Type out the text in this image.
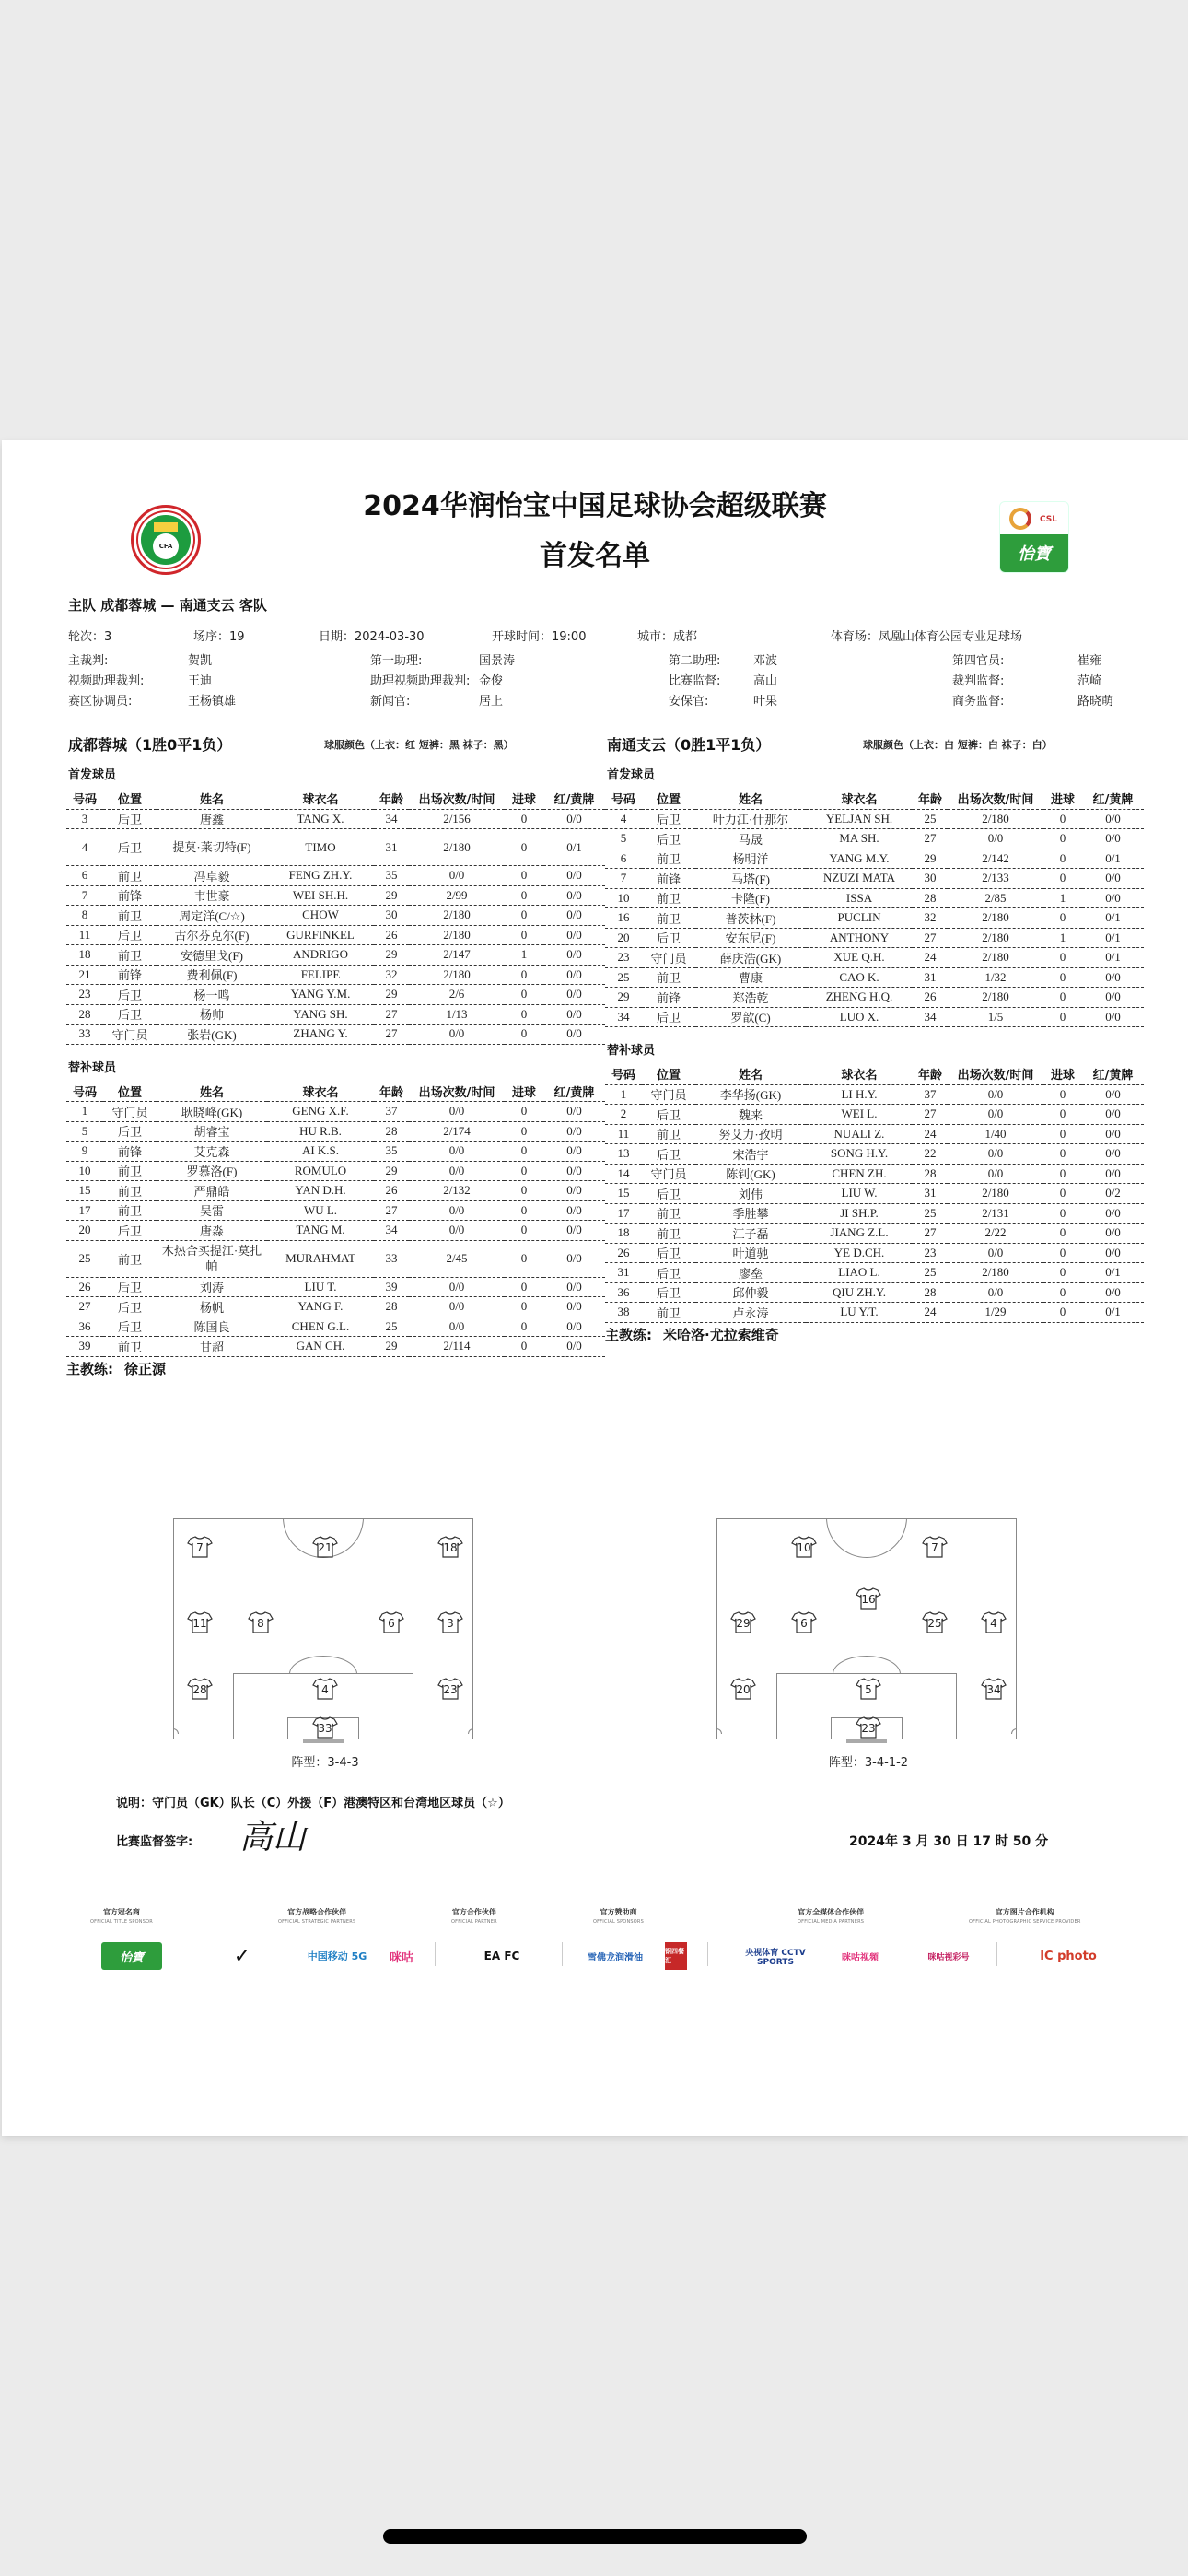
CFA
CSL
怡寶
2024华润怡宝中国足球协会超级联赛
首发名单
主队 成都蓉城 — 南通支云 客队
轮次：3	场序：19	日期：2024-03-30	开球时间：19:00	城市：成都	体育场：凤凰山体育公园专业足球场
主裁判:	贺凯	第一助理:	国景涛	第二助理:	邓波	第四官员:	崔雍
视频助理裁判:	王迪	助理视频助理裁判: 金俊	比赛监督:	高山	裁判监督:	范崎
赛区协调员:	王杨镇雄	新闻官:	居上	安保官:	叶果	商务监督:	路晓萌
成都蓉城（1胜0平1负）	球服颜色（上衣：红 短裤：黑 袜子：黑）
首发球员
号码	位置	姓名	球衣名	年龄	出场次数/时间	进球	红/黄牌
3	后卫	唐鑫	TANG X.	34	2/156	0	0/0
4	后卫	提莫·莱切特(F)	TIMO	31	2/180	0	0/1
6	前卫	冯卓毅	FENG ZH.Y.	35	0/0	0	0/0
7	前锋	韦世豪	WEI SH.H.	29	2/99	0	0/0
8	前卫	周定洋(C/☆)	CHOW	30	2/180	0	0/0
11	后卫	古尔芬克尔(F)	GURFINKEL	26	2/180	0	0/0
18	前卫	安德里戈(F)	ANDRIGO	29	2/147	1	0/0
21	前锋	费利佩(F)	FELIPE	32	2/180	0	0/0
23	后卫	杨一鸣	YANG Y.M.	29	2/6	0	0/0
28	后卫	杨帅	YANG SH.	27	1/13	0	0/0
33	守门员	张岩(GK)	ZHANG Y.	27	0/0	0	0/0
替补球员
号码	位置	姓名	球衣名	年龄	出场次数/时间	进球	红/黄牌
1	守门员	耿晓峰(GK)	GENG X.F.	37	0/0	0	0/0
5	后卫	胡睿宝	HU R.B.	28	2/174	0	0/0
9	前锋	艾克森	AI K.S.	35	0/0	0	0/0
10	前卫	罗慕洛(F)	ROMULO	29	0/0	0	0/0
15	前卫	严鼎皓	YAN D.H.	26	2/132	0	0/0
17	前卫	吴雷	WU L.	27	0/0	0	0/0
20	后卫	唐淼	TANG M.	34	0/0	0	0/0
25	前卫	木热合买提江·莫扎帕	MURAHMAT	33	2/45	0	0/0
26	后卫	刘涛	LIU T.	39	0/0	0	0/0
27	后卫	杨帆	YANG F.	28	0/0	0	0/0
36	后卫	陈国良	CHEN G.L.	25	0/0	0	0/0
39	前卫	甘超	GAN CH.	29	2/114	0	0/0
主教练: 徐正源
南通支云（0胜1平1负）	球服颜色（上衣：白 短裤：白 袜子：白）
首发球员
号码	位置	姓名	球衣名	年龄	出场次数/时间	进球	红/黄牌
4	后卫	叶力江·什那尔	YELJAN SH.	25	2/180	0	0/0
5	后卫	马晟	MA SH.	27	0/0	0	0/0
6	前卫	杨明洋	YANG M.Y.	29	2/142	0	0/1
7	前锋	马塔(F)	NZUZI MATA	30	2/133	0	0/0
10	前卫	卡隆(F)	ISSA	28	2/85	1	0/0
16	前卫	普茨林(F)	PUCLIN	32	2/180	0	0/1
20	后卫	安东尼(F)	ANTHONY	27	2/180	1	0/1
23	守门员	薛庆浩(GK)	XUE Q.H.	24	2/180	0	0/1
25	前卫	曹康	CAO K.	31	1/32	0	0/0
29	前锋	郑浩乾	ZHENG H.Q.	26	2/180	0	0/0
34	后卫	罗歆(C)	LUO X.	34	1/5	0	0/0
替补球员
号码	位置	姓名	球衣名	年龄	出场次数/时间	进球	红/黄牌
1	守门员	李华扬(GK)	LI H.Y.	37	0/0	0	0/0
2	后卫	魏来	WEI L.	27	0/0	0	0/0
11	前卫	努艾力·孜明	NUALI Z.	24	1/40	0	0/0
13	后卫	宋浩宇	SONG H.Y.	22	0/0	0	0/0
14	守门员	陈钊(GK)	CHEN ZH.	28	0/0	0	0/0
15	后卫	刘伟	LIU W.	31	2/180	0	0/2
17	前卫	季胜攀	JI SH.P.	25	2/131	0	0/0
18	前卫	江子磊	JIANG Z.L.	27	2/22	0	0/0
26	后卫	叶道驰	YE D.CH.	23	0/0	0	0/0
31	后卫	廖垒	LIAO L.	25	2/180	0	0/1
36	后卫	邱仲毅	QIU ZH.Y.	28	0/0	0	0/0
38	前卫	卢永涛	LU Y.T.	24	1/29	0	0/1
主教练: 米哈洛·尤拉索维奇
7	21	18
11	8	6	3
28	4	23
33
阵型：3-4-3
10	7
16
29	6	25	4
20	5	34
23
阵型：3-4-1-2
说明：守门员（GK）队长（C）外援（F）港澳特区和台湾地区球员（☆）
比赛监督签字: 高山	2024年 3 月 30 日 17 时 50 分
官方冠名商
OFFICIAL TITLE SPONSOR
官方战略合作伙伴
OFFICIAL STRATEGIC PARTNERS
官方合作伙伴
OFFICIAL PARTNER
官方赞助商
OFFICIAL SPONSORS
官方全媒体合作伙伴
OFFICIAL MEDIA PARTNERS
官方图片合作机构
OFFICIAL PHOTOGRAPHIC SERVICE PROVIDER
怡寶	✓	中国移动 5G	咪咕	EA FC	雪佛龙润滑油
钢四餐汇
央视体育 CCTV SPORTS	咪咕视频	咪咕视彩号	IC photo
